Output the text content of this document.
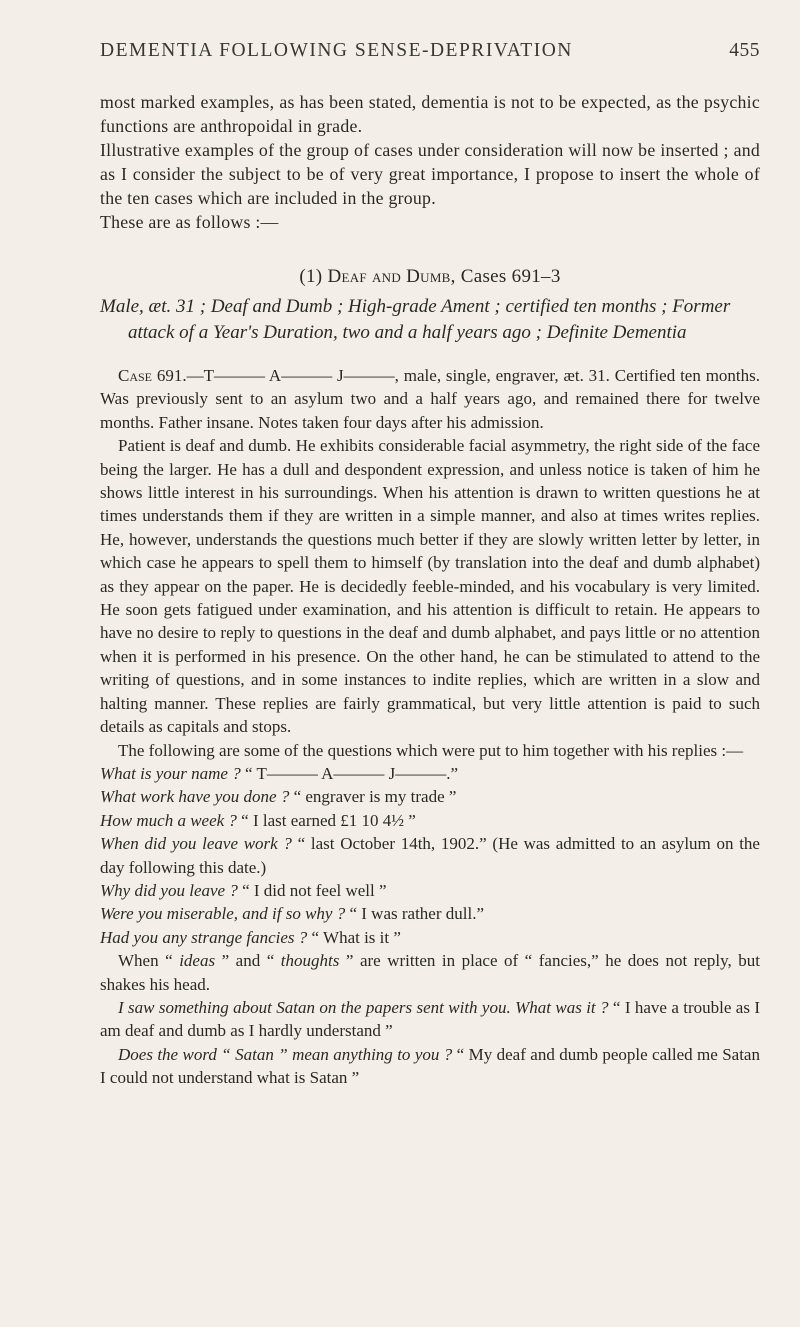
DEMENTIA FOLLOWING SENSE-DEPRIVATION	455

most marked examples, as has been stated, dementia is not to be expected, as the psychic functions are anthropoidal in grade.

Illustrative examples of the group of cases under consideration will now be inserted ; and as I consider the subject to be of very great importance, I propose to insert the whole of the ten cases which are included in the group.

These are as follows :—

(1) Deaf and Dumb, Cases 691–3
Male, æt. 31 ; Deaf and Dumb ; High-grade Ament ; certified ten months ; Former attack of a Year's Duration, two and a half years ago ; Definite Dementia

Case 691.—T——— A——— J———, male, single, engraver, æt. 31. Certified ten months. Was previously sent to an asylum two and a half years ago, and remained there for twelve months. Father insane. Notes taken four days after his admission.

Patient is deaf and dumb. He exhibits considerable facial asymmetry, the right side of the face being the larger. He has a dull and despondent expression, and unless notice is taken of him he shows little interest in his surroundings. When his attention is drawn to written questions he at times understands them if they are written in a simple manner, and also at times writes replies. He, however, understands the questions much better if they are slowly written letter by letter, in which case he appears to spell them to himself (by translation into the deaf and dumb alphabet) as they appear on the paper. He is decidedly feeble-minded, and his vocabulary is very limited. He soon gets fatigued under examination, and his attention is difficult to retain. He appears to have no desire to reply to questions in the deaf and dumb alphabet, and pays little or no attention when it is performed in his presence. On the other hand, he can be stimulated to attend to the writing of questions, and in some instances to indite replies, which are written in a slow and halting manner. These replies are fairly grammatical, but very little attention is paid to such details as capitals and stops.

The following are some of the questions which were put to him together with his replies :—

What is your name ? “ T——— A——— J———.”

What work have you done ? “ engraver is my trade ”

How much a week ? “ I last earned £1 10 4½ ”

When did you leave work ? “ last October 14th, 1902.” (He was admitted to an asylum on the day following this date.)

Why did you leave ? “ I did not feel well ”

Were you miserable, and if so why ? “ I was rather dull.”

Had you any strange fancies ? “ What is it ”

When “ ideas ” and “ thoughts ” are written in place of “ fancies,” he does not reply, but shakes his head.

I saw something about Satan on the papers sent with you. What was it ? “ I have a trouble as I am deaf and dumb as I hardly understand ”

Does the word “ Satan ” mean anything to you ? “ My deaf and dumb people called me Satan I could not understand what is Satan ”
